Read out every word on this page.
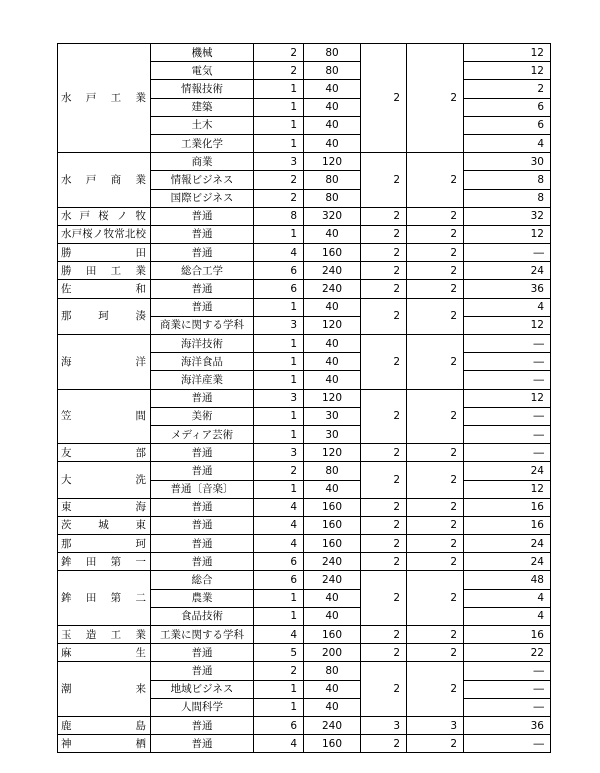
水戸工業	機械	2	80	2	2	12
	電気	2	80			12
	情報技術	1	40			2
	建築	1	40			6
	土木	1	40			6
	工業化学	1	40			4
水戸商業	商業	3	120	2	2	30
	情報ビジネス	2	80			8
	国際ビジネス	2	80			8
水戸桜ノ牧	普通	8	320	2	2	32
水戸桜ノ牧常北校	普通	1	40	2	2	12
勝田	普通	4	160	2	2	―
勝田工業	総合工学	6	240	2	2	24
佐和	普通	6	240	2	2	36
那珂湊	普通	1	40	2	2	4
	商業に関する学科	3	120			12
海洋	海洋技術	1	40	2	2	―
	海洋食品	1	40			―
	海洋産業	1	40			―
笠間	普通	3	120	2	2	12
	美術	1	30			―
	メディア芸術	1	30			―
友部	普通	3	120	2	2	―
大洗	普通	2	80	2	2	24
	普通〔音楽〕	1	40			12
東海	普通	4	160	2	2	16
茨城東	普通	4	160	2	2	16
那珂	普通	4	160	2	2	24
鉾田第一	普通	6	240	2	2	24
鉾田第二	総合	6	240	2	2	48
	農業	1	40			4
	食品技術	1	40			4
玉造工業	工業に関する学科	4	160	2	2	16
麻生	普通	5	200	2	2	22
潮来	普通	2	80	2	2	―
	地域ビジネス	1	40			―
	人間科学	1	40			―
鹿島	普通	6	240	3	3	36
神栖	普通	4	160	2	2	―
